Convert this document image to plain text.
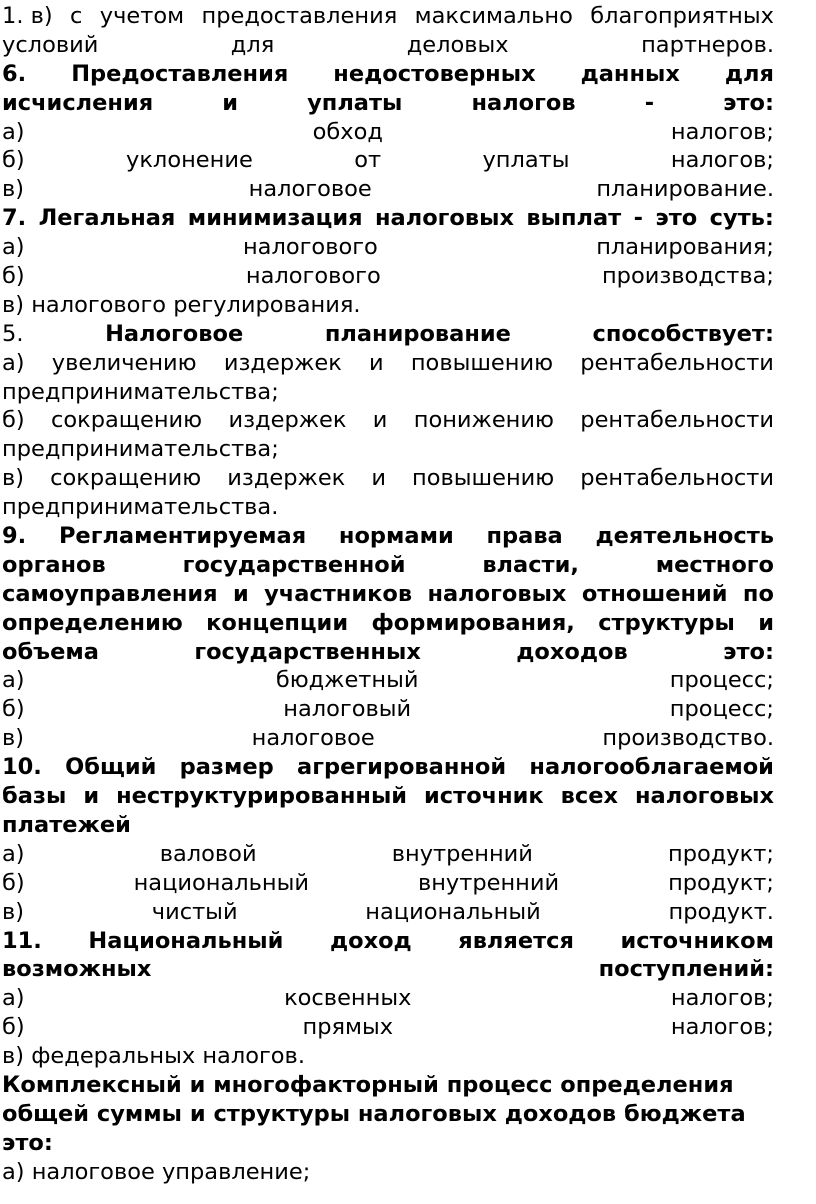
1. в) с учетом предоставления максимально благоприятных
условий	для	деловых	партнеров.
6. Предоставления недостоверных данных для
исчисления	и	уплаты	налогов	-	это:
а)	обход	налогов;
б)	уклонение	от	уплаты	налогов;
в)	налоговое	планирование.
7. Легальная минимизация налоговых выплат - это суть:
а)	налогового	планирования;
б)	налогового	производства;
в) налогового регулирования.
5.	Налоговое	планирование	способствует:
а) увеличению издержек и повышению рентабельности
предпринимательства;
б) сокращению издержек и понижению рентабельности
предпринимательства;
в) сокращению издержек и повышению рентабельности
предпринимательства.
9. Регламентируемая нормами права деятельность
органов	государственной	власти,	местного
самоуправления и участников налоговых отношений по
определению концепции формирования, структуры и
объема	государственных	доходов	это:
а)	бюджетный	процесс;
б)	налоговый	процесс;
в)	налоговое	производство.
10. Общий размер агрегированной налогооблагаемой
базы и неструктурированный источник всех налоговых
платежей
а)	валовой	внутренний	продукт;
б)	национальный	внутренний	продукт;
в)	чистый	национальный	продукт.
11. Национальный доход является источником
возможных	поступлений:
а)	косвенных	налогов;
б)	прямых	налогов;
в) федеральных налогов.
Комплексный и многофакторный процесс определения
общей суммы и структуры налоговых доходов бюджета
это:
а) налоговое управление;
